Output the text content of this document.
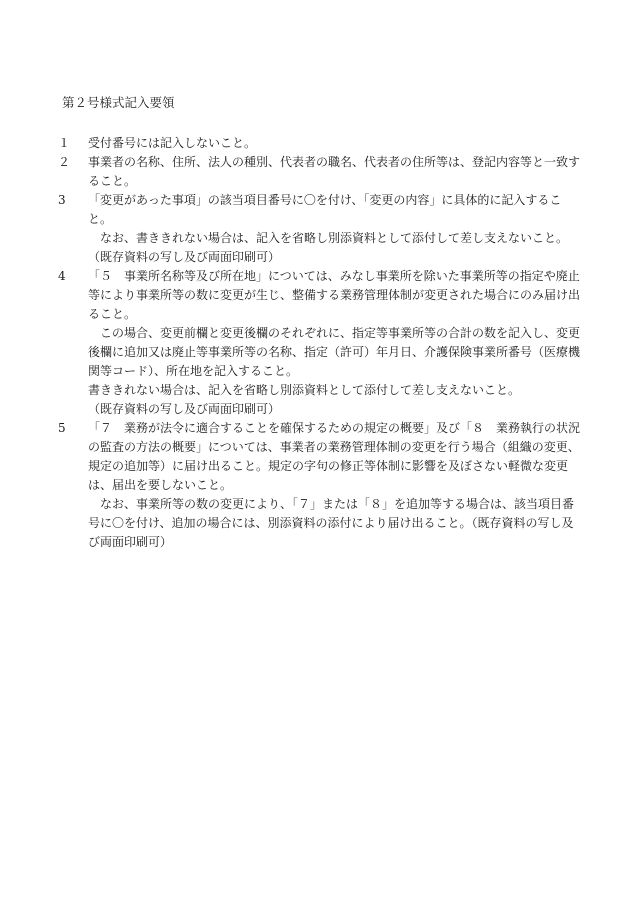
第２号様式記入要領
１	受付番号には記入しないこと。

２	事業者の名称、住所、法人の種別、代表者の職名、代表者の住所等は、登記内容等と一致すること。

3	「変更があった事項」の該当項目番号に〇を付け、「変更の内容」に具体的に記入すること。

なお、書ききれない場合は、記入を省略し別添資料として添付して差し支えないこと。（既存資料の写し及び両面印刷可）

4	「５　事業所名称等及び所在地」については、みなし事業所を除いた事業所等の指定や廃止等により事業所等の数に変更が生じ、整備する業務管理体制が変更された場合にのみ届け出ること。

この場合、変更前欄と変更後欄のそれぞれに、指定等事業所等の合計の数を記入し、変更後欄に追加又は廃止等事業所等の名称、指定（許可）年月日、介護保険事業所番号（医療機関等コード）、所在地を記入すること。

書ききれない場合は、記入を省略し別添資料として添付して差し支えないこと。

（既存資料の写し及び両面印刷可）

5	「７　業務が法令に適合することを確保するための規定の概要」及び「８　業務執行の状況の監査の方法の概要」については、事業者の業務管理体制の変更を行う場合（組織の変更、規定の追加等）に届け出ること。規定の字句の修正等体制に影響を及ぼさない軽微な変更は、届出を要しないこと。

なお、事業所等の数の変更により、「７」または「８」を追加等する場合は、該当項目番号に〇を付け、追加の場合には、別添資料の添付により届け出ること。（既存資料の写し及び両面印刷可）
